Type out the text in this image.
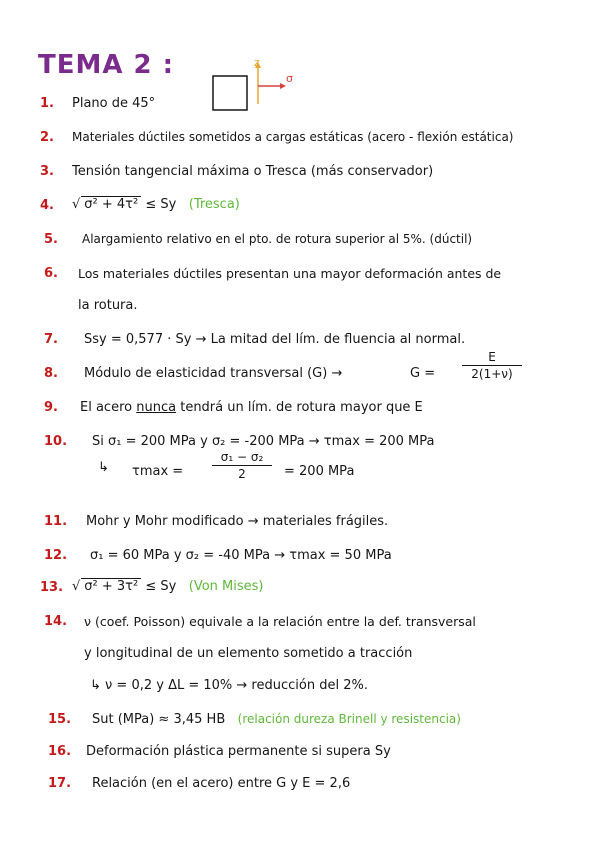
TEMA 2 :	z
σ
1. Plano de 45°
2. Materiales dúctiles sometidos a cargas estáticas (acero - flexión estática)
3. Tensión tangencial máxima o Tresca (más conservador)
4. √ σ² + 4τ² ≤ Sy (Tresca)
5. Alargamiento relativo en el pto. de rotura superior al 5%. (dúctil)
6. Los materiales dúctiles presentan una mayor deformación antes de
la rotura.
7. Ssy = 0,577 · Sy → La mitad del lím. de fluencia al normal.
8. Módulo de elasticidad transversal (G) →	G =
E
2(1+ν)
9. El acero nunca tendrá un lím. de rotura mayor que E
10. Si σ₁ = 200 MPa y σ₂ = -200 MPa → τmax = 200 MPa
↳ τmax =
σ₁ − σ₂
2	= 200 MPa
11. Mohr y Mohr modificado → materiales frágiles.
12. σ₁ = 60 MPa y σ₂ = -40 MPa → τmax = 50 MPa
13. √ σ² + 3τ² ≤ Sy (Von Mises)
14. ν (coef. Poisson) equivale a la relación entre la def. transversal
y longitudinal de un elemento sometido a tracción
↳ ν = 0,2 y ΔL = 10% → reducción del 2%.
15. Sut (MPa) ≈ 3,45 HB (relación dureza Brinell y resistencia)
16. Deformación plástica permanente si supera Sy
17. Relación (en el acero) entre G y E = 2,6
